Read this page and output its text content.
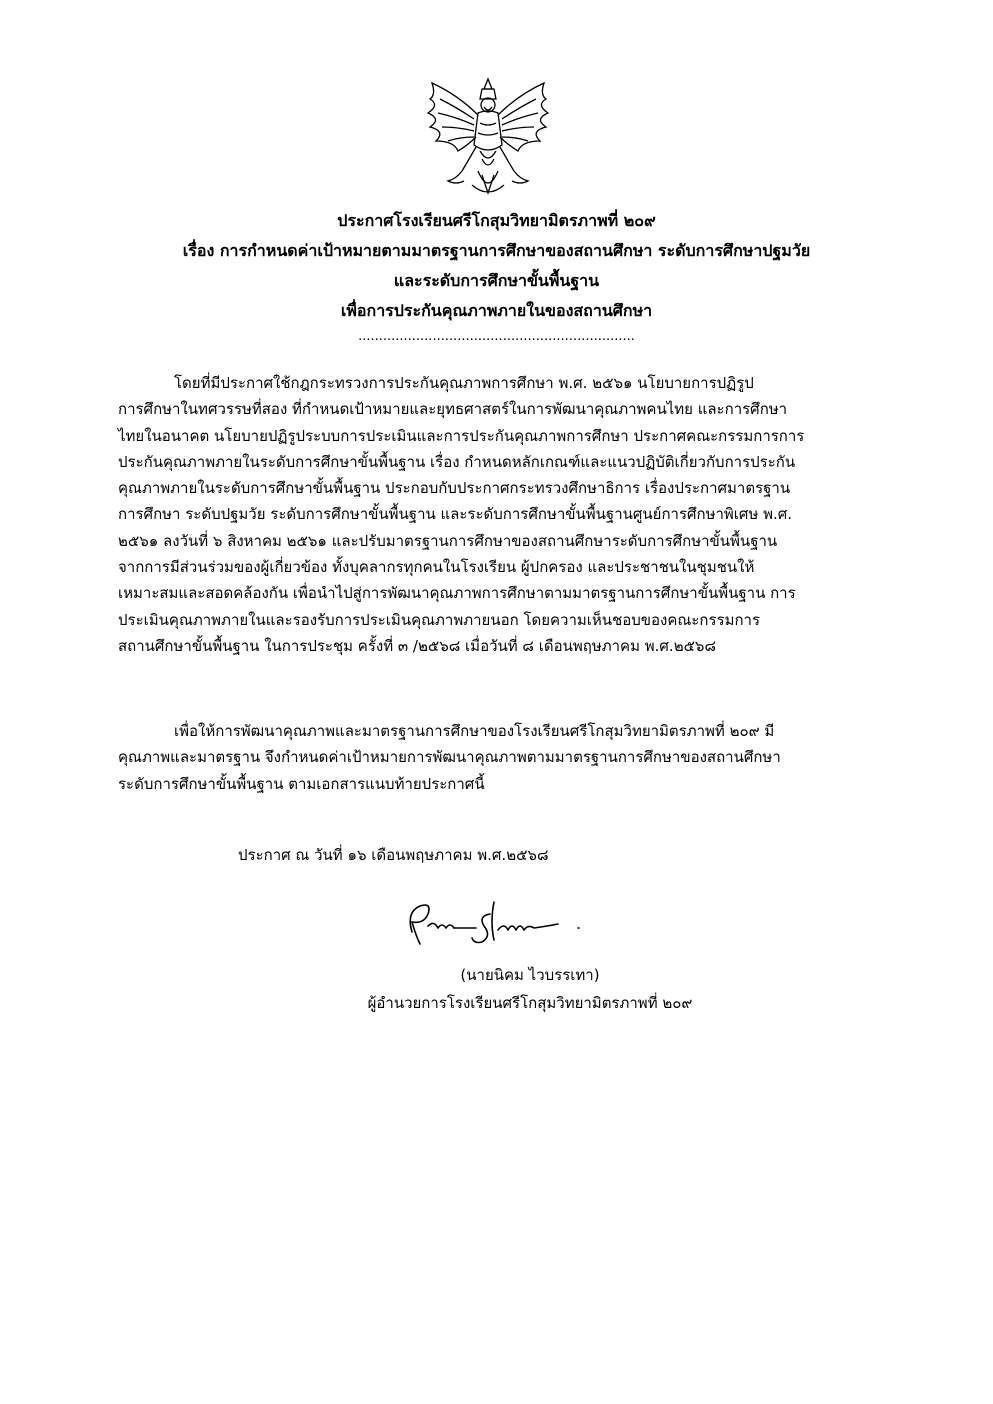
ประกาศโรงเรียนศรีโกสุมวิทยามิตรภาพที่ ๒๐๙
เรื่อง การกำหนดค่าเป้าหมายตามมาตรฐานการศึกษาของสถานศึกษา ระดับการศึกษาปฐมวัย
และระดับการศึกษาขั้นพื้นฐาน
เพื่อการประกันคุณภาพภายในของสถานศึกษา
...................................................................
โดยที่มีประกาศใช้กฎกระทรวงการประกันคุณภาพการศึกษา พ.ศ. ๒๕๖๑ นโยบายการปฏิรูป
การศึกษาในทศวรรษที่สอง ที่กำหนดเป้าหมายและยุทธศาสตร์ในการพัฒนาคุณภาพคนไทย และการศึกษา
ไทยในอนาคต นโยบายปฏิรูประบบการประเมินและการประกันคุณภาพการศึกษา ประกาศคณะกรรมการการ
ประกันคุณภาพภายในระดับการศึกษาขั้นพื้นฐาน เรื่อง กำหนดหลักเกณฑ์และแนวปฏิบัติเกี่ยวกับการประกัน
คุณภาพภายในระดับการศึกษาขั้นพื้นฐาน ประกอบกับประกาศกระทรวงศึกษาธิการ เรื่องประกาศมาตรฐาน
การศึกษา ระดับปฐมวัย ระดับการศึกษาขั้นพื้นฐาน และระดับการศึกษาขั้นพื้นฐานศูนย์การศึกษาพิเศษ พ.ศ.
๒๕๖๑ ลงวันที่ ๖ สิงหาคม ๒๕๖๑ และปรับมาตรฐานการศึกษาของสถานศึกษาระดับการศึกษาขั้นพื้นฐาน
จากการมีส่วนร่วมของผู้เกี่ยวข้อง ทั้งบุคลากรทุกคนในโรงเรียน ผู้ปกครอง และประชาชนในชุมชนให้
เหมาะสมและสอดคล้องกัน เพื่อนำไปสู่การพัฒนาคุณภาพการศึกษาตามมาตรฐานการศึกษาขั้นพื้นฐาน การ
ประเมินคุณภาพภายในและรองรับการประเมินคุณภาพภายนอก โดยความเห็นชอบของคณะกรรมการ
สถานศึกษาขั้นพื้นฐาน ในการประชุม ครั้งที่ ๓ /๒๕๖๘ เมื่อวันที่ ๘ เดือนพฤษภาคม พ.ศ.๒๕๖๘
เพื่อให้การพัฒนาคุณภาพและมาตรฐานการศึกษาของโรงเรียนศรีโกสุมวิทยามิตรภาพที่ ๒๐๙ มี
คุณภาพและมาตรฐาน จึงกำหนดค่าเป้าหมายการพัฒนาคุณภาพตามมาตรฐานการศึกษาของสถานศึกษา
ระดับการศึกษาขั้นพื้นฐาน ตามเอกสารแนบท้ายประกาศนี้
ประกาศ ณ วันที่ ๑๖ เดือนพฤษภาคม พ.ศ.๒๕๖๘
(นายนิคม ไวบรรเทา)
ผู้อำนวยการโรงเรียนศรีโกสุมวิทยามิตรภาพที่ ๒๐๙
